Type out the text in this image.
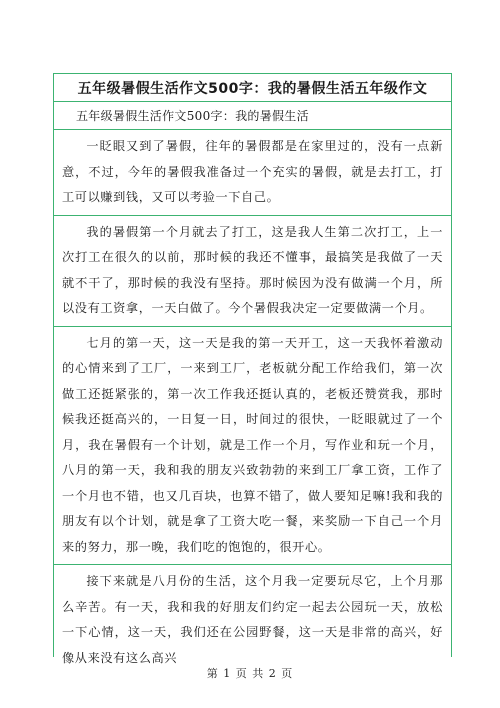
五年级暑假生活作文500字：我的暑假生活五年级作文
五年级暑假生活作文500字：我的暑假生活

一眨眼又到了暑假，往年的暑假都是在家里过的，没有一点新意，不过，今年的暑假我准备过一个充实的暑假，就是去打工，打工可以赚到钱，又可以考验一下自己。

我的暑假第一个月就去了打工，这是我人生第二次打工，上一次打工在很久的以前，那时候的我还不懂事，最搞笑是我做了一天就不干了，那时候的我没有坚持。那时候因为没有做满一个月，所以没有工资拿，一天白做了。今个暑假我决定一定要做满一个月。

七月的第一天，这一天是我的第一天开工，这一天我怀着激动的心情来到了工厂，一来到工厂，老板就分配工作给我们，第一次做工还挺紧张的，第一次工作我还挺认真的，老板还赞赏我，那时候我还挺高兴的，一日复一日，时间过的很快，一眨眼就过了一个月，我在暑假有一个计划，就是工作一个月，写作业和玩一个月，八月的第一天，我和我的朋友兴致勃勃的来到工厂拿工资，工作了一个月也不错，也又几百块，也算不错了，做人要知足嘛!我和我的朋友有以个计划，就是拿了工资大吃一餐，来奖励一下自己一个月来的努力，那一晚，我们吃的饱饱的，很开心。

接下来就是八月份的生活，这个月我一定要玩尽它，上个月那么辛苦。有一天，我和我的好朋友们约定一起去公园玩一天，放松一下心情，这一天，我们还在公园野餐，这一天是非常的高兴，好像从来没有这么高兴

第 1 页 共 2 页
